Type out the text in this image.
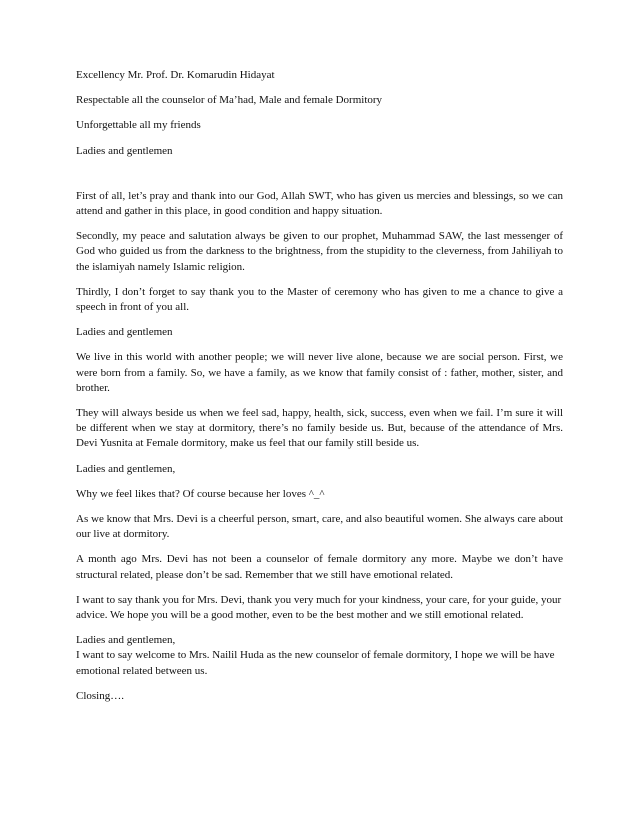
Excellency Mr. Prof. Dr. Komarudin Hidayat

Respectable all the counselor of Ma’had, Male and female Dormitory

Unforgettable all my friends

Ladies and gentlemen

First of all, let’s pray and thank into our God, Allah SWT, who has given us mercies and blessings, so we can attend and gather in this place, in good condition and happy situation.

Secondly, my peace and salutation always be given to our prophet, Muhammad SAW, the last messenger of God who guided us from the darkness to the brightness, from the stupidity to the cleverness, from Jahiliyah to the islamiyah namely Islamic religion.

Thirdly, I don’t forget to say thank you to the Master of ceremony who has given to me a chance to give a speech in front of you all.

Ladies and gentlemen

We live in this world with another people; we will never live alone, because we are social person. First, we were born from a family. So, we have a family, as we know that family consist of : father, mother, sister, and brother.

They will always beside us when we feel sad, happy, health, sick, success, even when we fail. I’m sure it will be different when we stay at dormitory, there’s no family beside us. But, because of the attendance of Mrs. Devi Yusnita at Female dormitory, make us feel that our family still beside us.

Ladies and gentlemen,

Why we feel likes that? Of course because her loves ^_^

As we know that Mrs. Devi is a cheerful person, smart, care, and also beautiful women. She always care about our live at dormitory.

A month ago Mrs. Devi has not been a counselor of female dormitory any more. Maybe we don’t have structural related, please don’t be sad. Remember that we still have emotional related.

I want to say thank you for Mrs. Devi, thank you very much for your kindness, your care, for your guide, your advice. We hope you will be a good mother, even to be the best mother and we still emotional related.

Ladies and gentlemen,

I want to say welcome to Mrs. Nailil Huda as the new counselor of female dormitory, I hope we will be have emotional related between us.

Closing….
